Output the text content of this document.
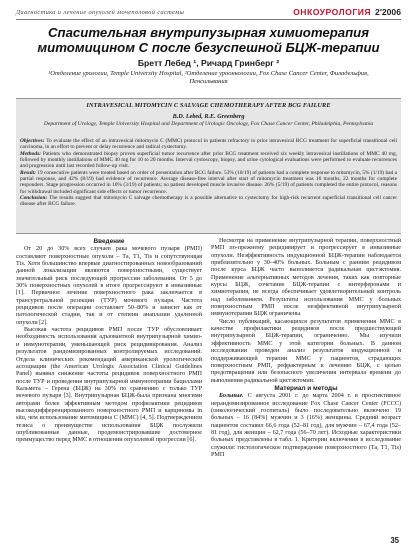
Диагностика и лечение опухолей мочеполовой системы	ОНКОУРОЛОГИЯ 2'2006
Спасительная внутрипузырная химиотерапия митомицином С после безуспешной БЦЖ-терапии
Бретт Лебед ¹, Ричард Гринберг ²
¹Отделение урологии, Temple University Hospital, ²Отделение урoонкологии, Fox Chase Cancer Center, Филадельфия, Пенсильвания
INTRAVESICAL MITOMYCIN C SALVAGE CHEMOTHERAPY AFTER BCG FAILURE
B.D. Lebed, R.E. Greenberg
Department of Urology, Temple University Hospital and Department of Urologic Oncology, Fox Chase Cancer Center, Philadelphia, Pennsylvania

Objectives: To evaluate the effect of an intravesical mitomycin C (MMC) protocol in patients refractory to prior intravesical BCG treatment for superficial transitional cell carcinoma, in an effort to prevent or delay recurrence and radical cystectomy.

Methods: Patients who demonstrated biopsy proven superficial tumor recurrence after prior BCG treatment received six weekly intravesical instillations of MMC 40 mg, followed by monthly instillations of MMC 40 mg for 10 to 20 months. Interval cystoscopy, biopsy, and urine cytological evaluations were performed to evaluate recurrences and progression until last recorded follow-up visit.

Result: 19 consecutive patients were treated based on order of presentation after BCG failure. 53% (10/19) of patients had a complete response to mitomycin, 5% (1/19) had a partial response, and 42% (8/19) had evidence of recurrence. Average disease-free interval after start of mitomycin treatment was 16 months, 22 months for complete responders. Stage progression occurred in 16% (3/19) of patients; no patient developed muscle invasive disease. 26% (5/19) of patients completed the entire protocol, reasons for withdrawal included significant side effects or tumor recurrence.

Conclusion: The results suggest that mitomycin C salvage chemotherapy is a possible alternative to cystectomy for high-risk recurrent superficial transitional cell cancer disease after BCG failure.

Введение

От 20 до 30% всех случаев рака мочевого пузыря (РМП) составляют поверхностные опухоли – Та, Т1, Тis и сопутствующая Тis. Хотя большинство впервые диагностированных новообразований данной локализации являются поверхностными, существует значительный риск последующей прогрессии заболевания. От 5 до 30% поверхностных опухолей в итоге прогрессируют в инвазивные [1]. Первичное лечение поверхностного рака заключается в трансуретральной резекции (ТУР) мочевого пузыря. Частота рецидивов после операции составляет 50–80% и зависит как от патологической стадии, так и от степени анаплазии удаленной опухоли [2].

Высокая частота рецидивов РМП после ТУР обусловливает необходимость использования адъювантной внутрипузырной химио- и иммунотерапии, уменьшающей риск рецидивирования. Анализ результатов рандомизированных контролируемых исследований. Отдела клинических рекомендаций американской урологической ассоциации (the American Urologic Association Clinical Guidelines Panel) выявил снижение частоты рецидивов поверхностного РМП после ТУР и проведения внутрипузырной иммунотерапии бациллами Кальмета – Герена (БЦЖ) на 30% по сравнению с только ТУР мочевого пузыря [3]. Внутрипузырная БЦЖ-была признана многими авторами более эффективным методом профилактики рецидивов высокодифференцированного поверхностного РМП и карциномы in situ, чем использование митомицина С (ММС) [4, 5]. Подтверждением тезиса о преимуществе использования БЦЖ послужили опубликованные данные, продемонстрировавшие достоверное преимущество перед ММС в отношении опухолевой прогрессии [6].

Несмотря на применение внутрипузырной терапии, поверхностный РМП по-прежнему рецидивирует и прогрессирует в инвазивные опухоли. Неэффективность индукционной БЦЖ-терапии наблюдается приблизительно у 30–40% больных. Больным с ранним рецидивом после курса БЦЖ часто выполняется радикальная цистэктомия. Применение альтернативных методов лечения, таких как повторные курсы БЦЖ, сочетание БЦЖ-терапии с интерферонами и химиотерапия, не всегда обеспечивает удовлетворительный контроль над заболеванием. Результаты использования ММС у больных поверхностным РМП после неэффективной внутрипузырной иммунотерапии БЦЖ ограничены.

Число публикаций, касающихся результатов применения ММС в качестве профилактики рецидивов после предшествующей внутрипузырной БЦЖ-терапии, ограниченно. Мы изучили эффективность ММС у этой категории больных. В данном исследовании проведен анализ результатов индукционной и поддерживающей терапии ММС у пациентов, страдающих поверхностным РМП, рефрактерным к лечению БЦЖ, с целью предотвращения или безопасного увеличения интервала времени до выполнения радикальной цистэктомии.

Материал и методы

Больные. С августа 2001 г. до марта 2004 г. в проспективное нерандомизированное исследование Fox Chase Cancer Center (FCCC) (онкологический госпиталь) было последовательно включено 19 больных – 16 (84%) мужчин и 3 (16%) женщины. Средний возраст пациентов составил 66,6 года (52–81 год), для мужчин – 67,4 года (52–81 год), для женщин – 62,7 года (56–70 лет). Исходные характеристики больных представлены в табл. 1. Критерии включения в исследование служили: гистологическое подтверждение поверхностного (Та, Т1, Тis) РМП

35
